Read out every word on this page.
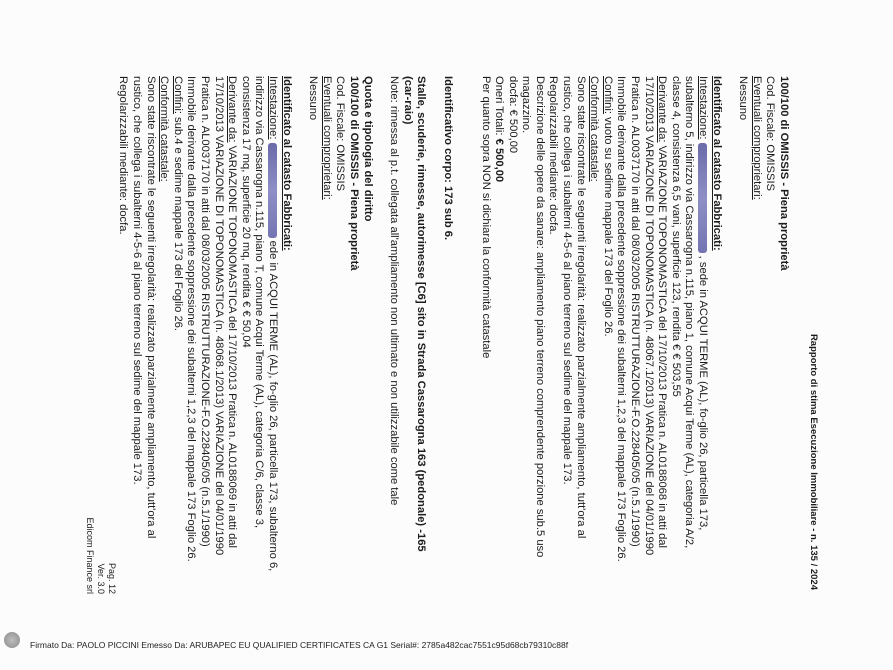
Rapporto di stima Esecuzione Immobiliare - n. 135 / 2024

100/100 di OMISSIS - Piena proprietà

Cod. Fiscale: OMISSIS

Eventuali comproprietari:

Nessuno

Identificato al catasto Fabbricati:

Intestazione:  , sede in ACQUI TERME (AL), fo-glio 26, particella 173, subalterno 5, indirizzo via Cassarogna n.115, piano 1, comune Acqui Terme (AL), categoria A/2, classe 4, consistenza 6,5 vani, superficie 123, rendita € € 503,55

Derivante da: VARIAZIONE TOPONOMASTICA del 17/10/2013 Pratica n. AL0188068 in atti dal 17/10/2013 VARIAZIONE DI TOPONOMASTICA (n. 48067.1/2013) VARIAZIONE del 04/01/1990 Pratica n. AL0037170 in atti dal 08/03/2005 RISTRUTTURAZIONE-F.O.228405/05 (n.5.1/1990) Immobile derivante dalla precedente soppressione dei subalterni 1,2,3 del mappale 173 Foglio 26.

Confini: vuoto su sedime mappale 173 del Foglio 26.

Conformità catastale:

Sono state riscontrate le seguenti irregolarità: realizzato parzialmente ampliamento, tutt'ora al rustico, che collega i subalterni 4-5-6 al piano terreno sul sedime del mappale 173.

Regolarizzabili mediante: docfa.

Descrizione delle opere da sanare: ampliamento piano terreno comprendente porzione sub.5 uso magazzino.

docfa: € 500,00

Oneri Totali: € 500,00

Per quanto sopra NON si dichiara la conformità catastale

Identificativo corpo: 173 sub 6.

Stalle, scuderie, rimesse, autorimesse [C6] sito in Strada Cassarogna 163 (pedonale) -165 (car-raio)

Note: rimessa al p.t. collegata all'ampliamento non ultimato e non utilizzabile come tale

Quota e tipologia del diritto

100/100 di OMISSIS - Piena proprietà

Cod. Fiscale: OMISSIS

Eventuali comproprietari:

Nessuno

Identificato al catasto Fabbricati:

Intestazione:  ede in ACQUI TERME (AL), fo-glio 26, particella 173, subalterno 6, indirizzo via Cassarogna n.115, piano T, comune Acqui Terme (AL), categoria C/6, classe 3, consistenza 17 mq, superficie 20 mq, rendita € € 50,04

Derivante da: VARIAZIONE TOPONOMASTICA del 17/10/2013 Pratica n. AL0188069 in atti dal 17/10/2013 VARIAZIONE DI TOPONOMASTICA (n. 48068.1/2013) VARIAZIONE del 04/01/1990 Pratica n. AL0037170 in atti dal 08/03/2005 RISTRUTTURAZIONE-F.O.228405/05 (n.5.1/1990) Immobile derivante dalla precedente soppressione dei subalterni 1,2,3 del mappale 173 Foglio 26.

Confini: sub.4 e sedime mappale 173 del Foglio 26.

Conformità catastale:

Sono state riscontrate le seguenti irregolarità: realizzato parzialmente ampliamento, tutt'ora al rustico, che collega i subalterni 4-5-6 al piano terreno sul sedime del mappale 173.

Regolarizzabili mediante: docfa.

Pag. 12
Ver. 3.0
Edicom Finance srl
Firmato Da: PAOLO PICCINI Emesso Da: ARUBAPEC EU QUALIFIED CERTIFICATES CA G1 Serial#: 2785a482cac7551c95d68cb79310c88f
